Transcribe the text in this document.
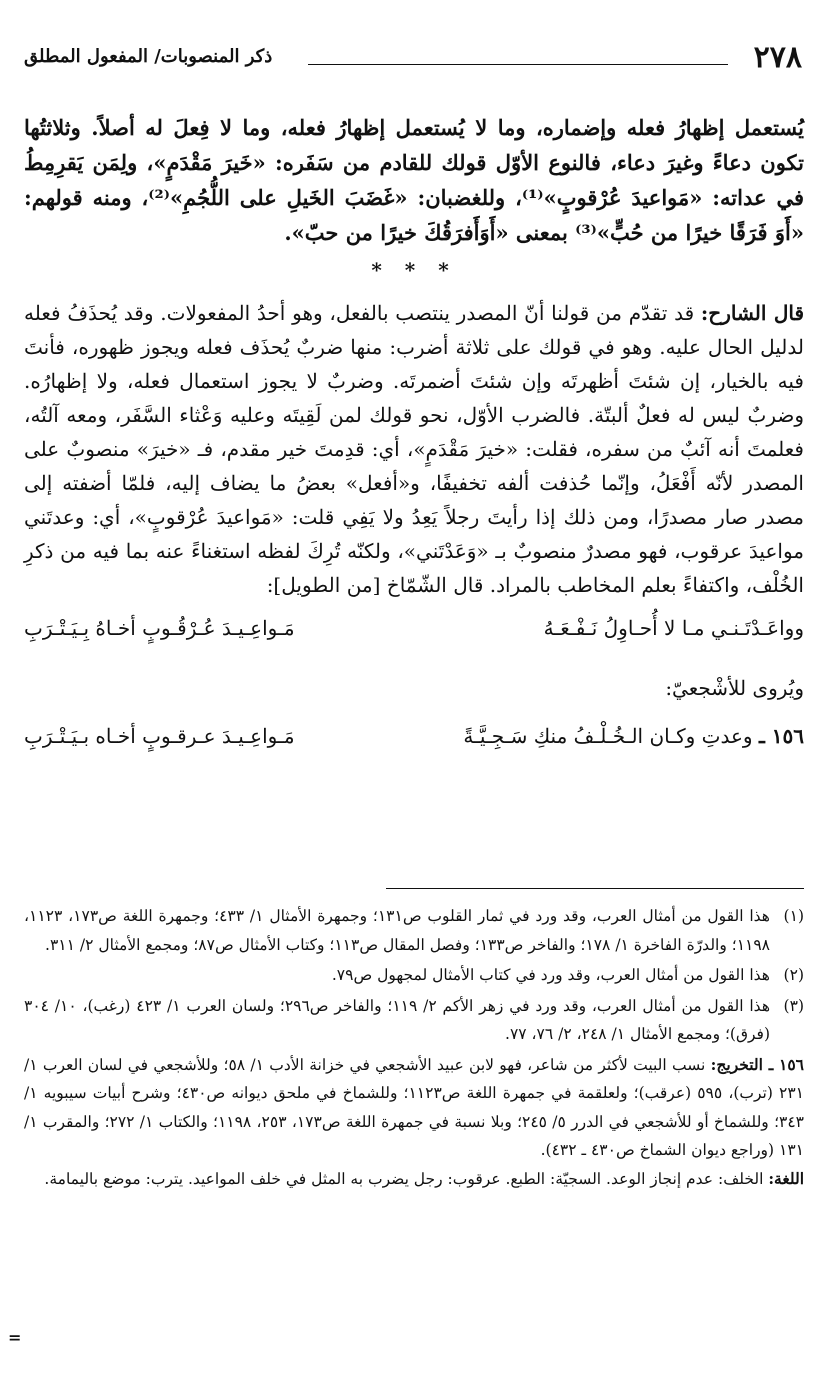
٢٧٨
ذكر المنصوبات/ المفعول المطلق

يُستعمل إظهارُ فعله وإضماره، وما لا يُستعمل إظهارُ فعله، وما لا فِعلَ له أصلاً. وثلاثتُها تكون دعاءً وغيرَ دعاء، فالنوع الأوّل قولك للقادم من سَفَره: «خَيرَ مَقْدَمٍ»، ولِمَن يَقرِمِطُ في عداته: «مَواعيدَ عُرْقوبٍ»⁽¹⁾، وللغضبان: «غَضَبَ الخَيلِ على اللُّجُمِ»⁽²⁾، ومنه قولهم: «أَوَ فَرَقًا خيرًا من حُبٍّ»⁽³⁾ بمعنى «أَوَأَفرَقُكَ خيرًا من حبّ».

* * *

قال الشارح: قد تقدّم من قولنا أنّ المصدر ينتصب بالفعل، وهو أحدُ المفعولات. وقد يُحذَفُ فعله لدليل الحال عليه. وهو في قولك على ثلاثة أضرب: منها ضربٌ يُحذَف فعله ويجوز ظهوره، فأنتَ فيه بالخيار، إن شئتَ أظهرتَه وإن شئتَ أضمرتَه. وضربٌ لا يجوز استعمال فعله، ولا إظهارُه. وضربٌ ليس له فعلٌ ألبتّة. فالضرب الأوّل، نحو قولك لمن لَقِيتَه وعليه وَعْثاء السَّفَر، ومعه آلتُه، فعلمتَ أنه آئبٌ من سفره، فقلت: «خيرَ مَقْدَمٍ»، أي: قدِمتَ خير مقدم، فـ «خيرَ» منصوبٌ على المصدر لأنّه أَفْعَلُ، وإنّما حُذفت ألفه تخفيفًا، و«أفعل» بعضُ ما يضاف إليه، فلمّا أضفته إلى مصدر صار مصدرًا، ومن ذلك إذا رأيتَ رجلاً يَعِدُ ولا يَفِي قلت: «مَواعيدَ عُرْقوبٍ»، أي: وعدتَني مواعيدَ عرقوب، فهو مصدرٌ منصوبٌ بـ «وَعَدْتَني»، ولكنّه تُرِكَ لفظه استغناءً عنه بما فيه من ذكرِ الخُلْف، واكتفاءً بعلم المخاطب بالمراد. قال الشّمّاخ [من الطويل]:

وواعَـدْتَـنـي مـا لا أُحـاوِلُ نَـفْـعَـهُ
مَـواعِـيـدَ عُـرْقُـوبٍ أخـاهُ بِـيَـتْـرَبِ
ويُروى للأشْجعيّ:
١٥٦ ـ وعدتِ وكـان الـخُـلْـفُ منكِ سَـجِـيَّـةً
مَـواعِـيـدَ عـرقـوبٍ أخـاه بـيَـتْـرَبِ
(١)
هذا القول من أمثال العرب، وقد ورد في ثمار القلوب ص١٣١؛ وجمهرة الأمثال ١/ ٤٣٣؛ وجمهرة اللغة ص١٧٣، ١١٢٣، ١١٩٨؛ والدرّة الفاخرة ١/ ١٧٨؛ والفاخر ص١٣٣؛ وفصل المقال ص١١٣؛ وكتاب الأمثال ص٨٧؛ ومجمع الأمثال ٢/ ٣١١.
(٢)
هذا القول من أمثال العرب، وقد ورد في كتاب الأمثال لمجهول ص٧٩.
(٣)
هذا القول من أمثال العرب، وقد ورد في زهر الأكم ٢/ ١١٩؛ والفاخر ص٢٩٦؛ ولسان العرب ١/ ٤٢٣ (رغب)، ١٠/ ٣٠٤ (فرق)؛ ومجمع الأمثال ١/ ٢٤٨، ٢/ ٧٦، ٧٧.

١٥٦ ـ التخريج: نسب البيت لأكثر من شاعر، فهو لابن عبيد الأشجعي في خزانة الأدب ١/ ٥٨؛ وللأشجعي في لسان العرب ١/ ٢٣١ (ترب)، ٥٩٥ (عرقب)؛ ولعلقمة في جمهرة اللغة ص١١٢٣؛ وللشماخ في ملحق ديوانه ص٤٣٠؛ وشرح أبيات سيبويه ١/ ٣٤٣؛ وللشماخ أو للأشجعي في الدرر ٥/ ٢٤٥؛ وبلا نسبة في جمهرة اللغة ص١٧٣، ٢٥٣، ١١٩٨؛ والكتاب ١/ ٢٧٢؛ والمقرب ١/ ١٣١ (وراجع ديوان الشماخ ص٤٣٠ ـ ٤٣٢).

اللغة: الخلف: عدم إنجاز الوعد. السجيّة: الطبع. عرقوب: رجل يضرب به المثل في خلف المواعيد. يترب: موضع باليمامة.

=
